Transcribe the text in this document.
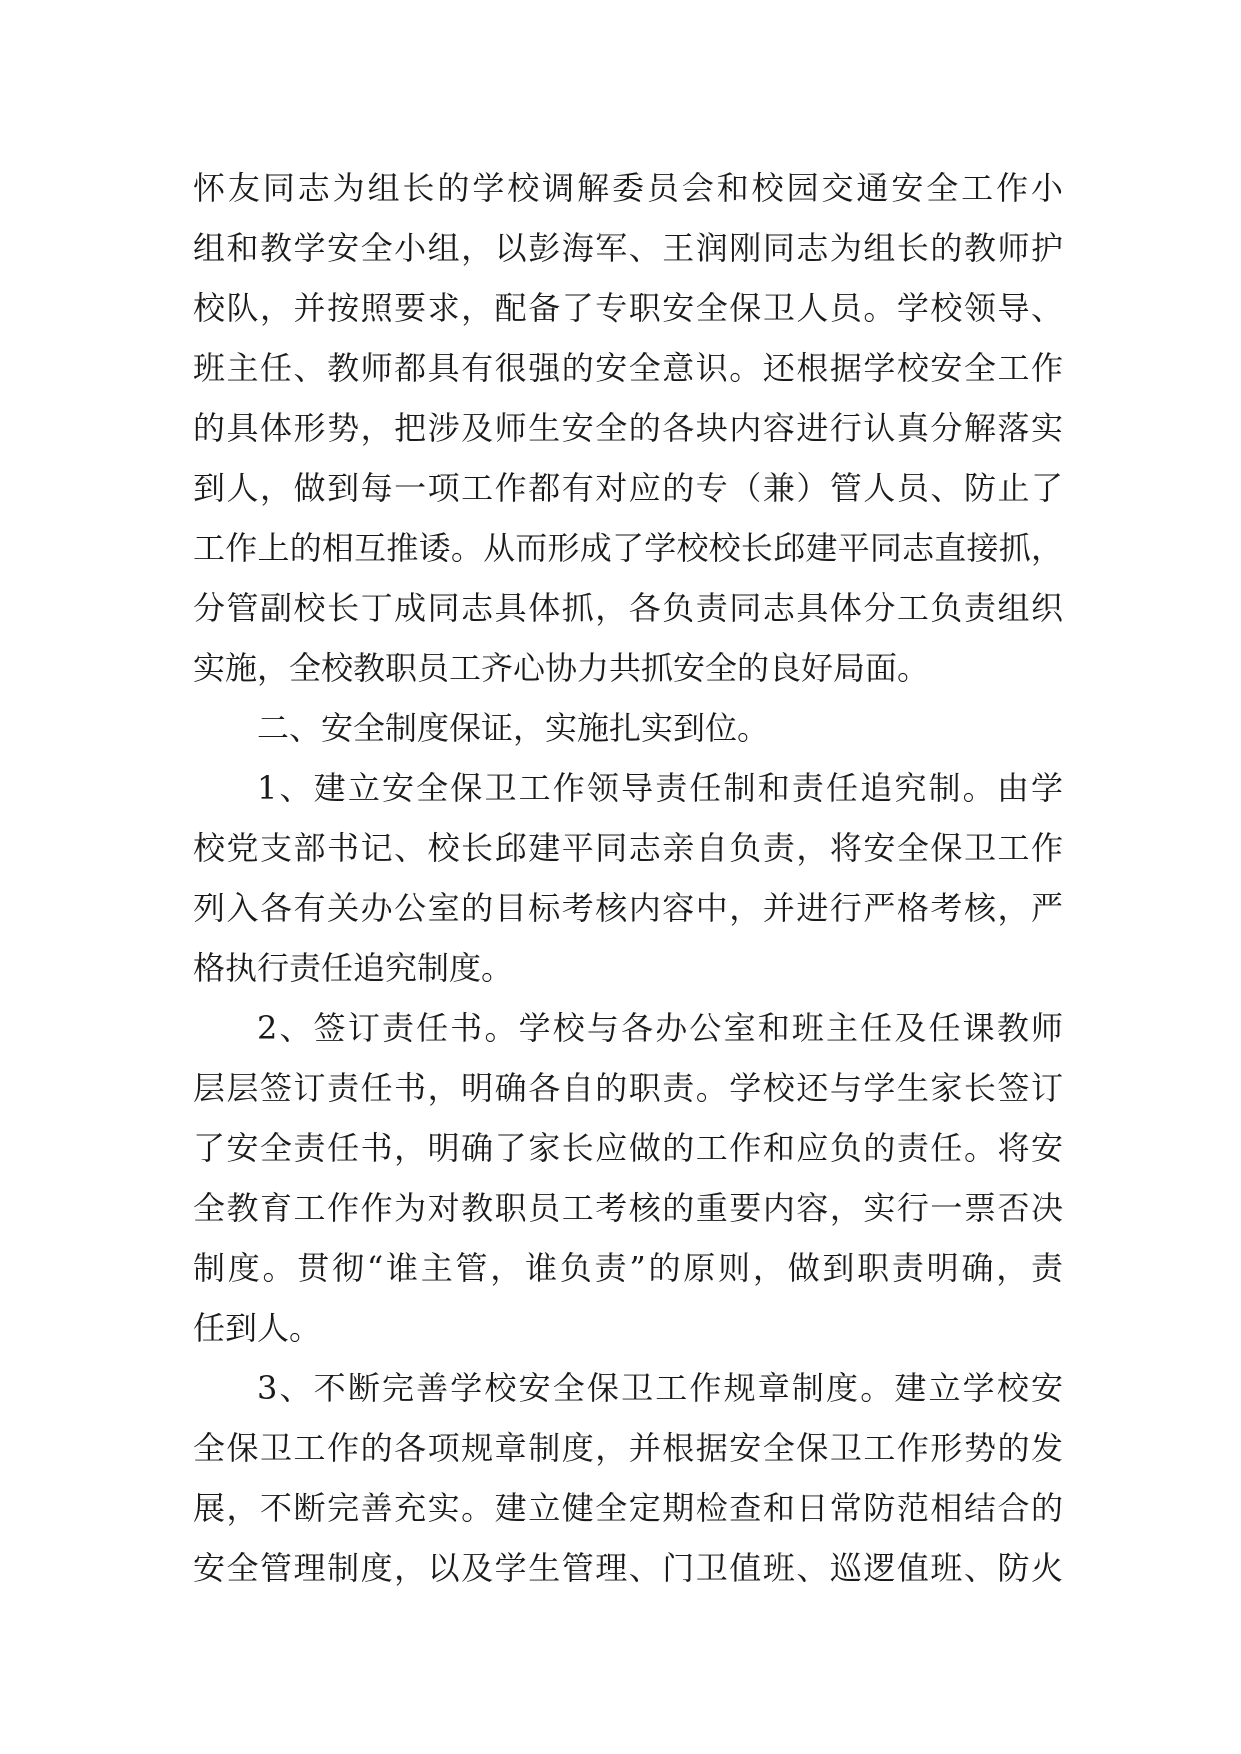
怀友同志为组长的学校调解委员会和校园交通安全工作小
组和教学安全小组，以彭海军、王润刚同志为组长的教师护
校队，并按照要求，配备了专职安全保卫人员。学校领导、
班主任、教师都具有很强的安全意识。还根据学校安全工作
的具体形势，把涉及师生安全的各块内容进行认真分解落实
到人，做到每一项工作都有对应的专（兼）管人员、防止了
工作上的相互推诿。从而形成了学校校长邱建平同志直接抓，
分管副校长丁成同志具体抓，各负责同志具体分工负责组织
实施，全校教职员工齐心协力共抓安全的良好局面。
二、安全制度保证，实施扎实到位。
1、建立安全保卫工作领导责任制和责任追究制。由学
校党支部书记、校长邱建平同志亲自负责，将安全保卫工作
列入各有关办公室的目标考核内容中，并进行严格考核，严
格执行责任追究制度。
2、签订责任书。学校与各办公室和班主任及任课教师
层层签订责任书，明确各自的职责。学校还与学生家长签订
了安全责任书，明确了家长应做的工作和应负的责任。将安
全教育工作作为对教职员工考核的重要内容，实行一票否决
制度。贯彻“谁主管，谁负责”的原则，做到职责明确，责
任到人。
3、不断完善学校安全保卫工作规章制度。建立学校安
全保卫工作的各项规章制度，并根据安全保卫工作形势的发
展，不断完善充实。建立健全定期检查和日常防范相结合的
安全管理制度，以及学生管理、门卫值班、巡逻值班、防火
